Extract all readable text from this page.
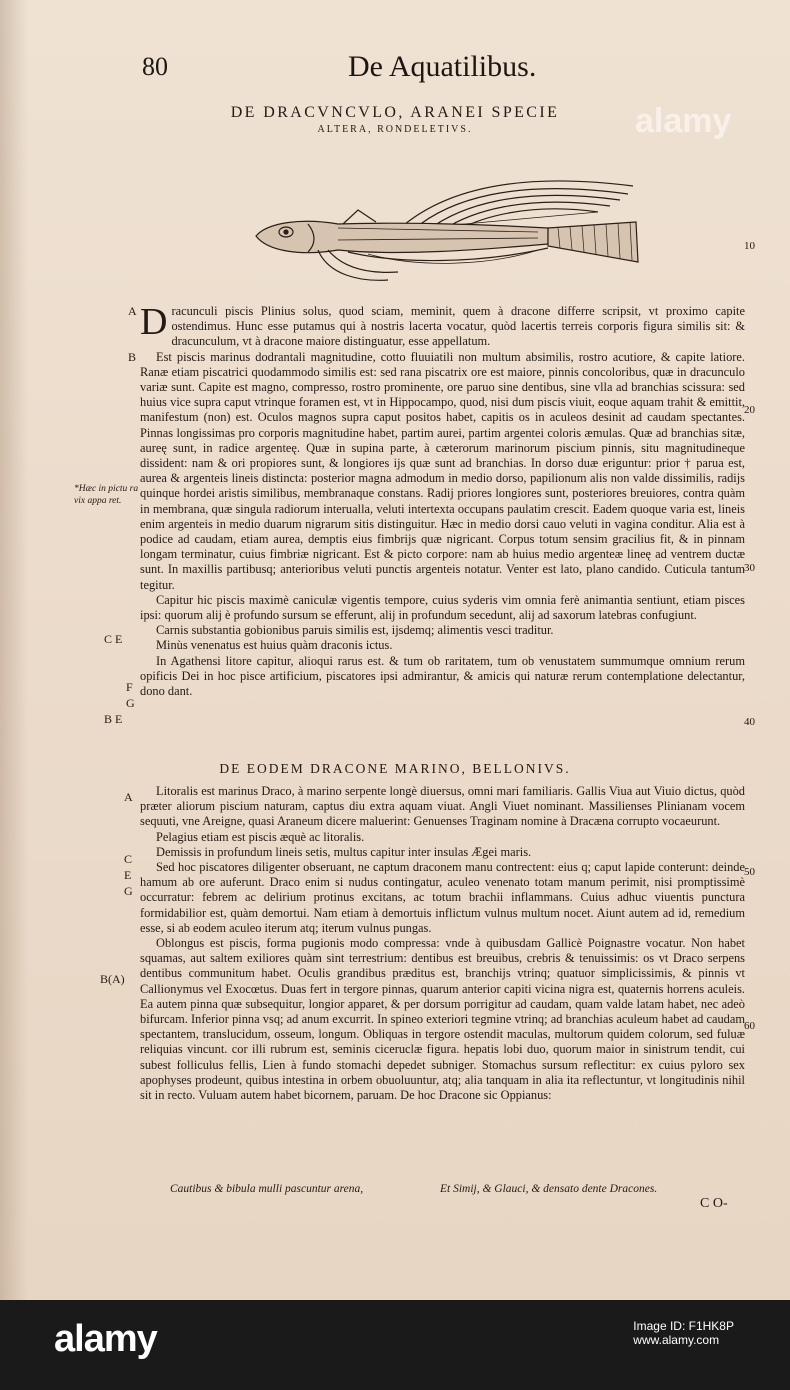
80	De Aquatilibus.
DE DRACVNCVLO, ARANEI SPECIE
ALTERA, RONDELETIVS.
10
20
30
40
50
60
*Hæc in pictu ra vix appa ret.
A
B
C E
F
G
B E

Dracunculi piscis Plinius solus, quod sciam, meminit, quem à dracone differre scripsit, vt proximo capite ostendimus. Hunc esse putamus qui à nostris lacerta vocatur, quòd lacertis terreis corporis figura similis sit: & dracunculum, vt à dracone maiore distinguatur, esse appellatum.

Est piscis marinus dodrantali magnitudine, cotto fluuiatili non multum absimilis, rostro acutiore, & capite latiore. Ranæ etiam piscatrici quodammodo similis est: sed rana piscatrix ore est maiore, pinnis concoloribus, quæ in dracunculo variæ sunt. Capite est magno, compresso, rostro prominente, ore paruo sine dentibus, sine vlla ad branchias scissura: sed huius vice supra caput vtrinque foramen est, vt in Hippocampo, quod, nisi dum piscis viuit, eoque aquam trahit & emittit, manifestum (non) est. Oculos magnos supra caput positos habet, capitis os in aculeos desinit ad caudam spectantes. Pinnas longissimas pro corporis magnitudine habet, partim aurei, partim argentei coloris æmulas. Quæ ad branchias sitæ, aureę sunt, in radice argenteę. Quæ in supina parte, à cæterorum marinorum piscium pinnis, situ magnitudineque dissident: nam & ori propiores sunt, & longiores ijs quæ sunt ad branchias. In dorso duæ eriguntur: prior † parua est, aurea & argenteis lineis distincta: posterior magna admodum in medio dorso, papilionum alis non valde dissimilis, radijs quinque hordei aristis similibus, membranaque constans. Radij priores longiores sunt, posteriores breuiores, contra quàm in membrana, quæ singula radiorum interualla, veluti intertexta occupans paulatim crescit. Eadem quoque varia est, lineis enim argenteis in medio duarum nigrarum sitis distinguitur. Hæc in medio dorsi cauo veluti in vagina conditur. Alia est à podice ad caudam, etiam aurea, demptis eius fimbrijs quæ nigricant. Corpus totum sensim gracilius fit, & in pinnam longam terminatur, cuius fimbriæ nigricant. Est & picto corpore: nam ab huius medio argenteæ lineę ad ventrem ductæ sunt. In maxillis partibusq; anterioribus veluti punctis argenteis notatur. Venter est lato, plano candido. Cuticula tantum tegitur.

Capitur hic piscis maximè caniculæ vigentis tempore, cuius syderis vim omnia ferè animantia sentiunt, etiam pisces ipsi: quorum alij è profundo sursum se efferunt, alij in profundum secedunt, alij ad saxorum latebras confugiunt.

Carnis substantia gobionibus paruis similis est, ijsdemq; alimentis vesci traditur.

Minùs venenatus est huius quàm draconis ictus.

In Agathensi litore capitur, alioqui rarus est. & tum ob raritatem, tum ob venustatem summumque omnium rerum opificis Dei in hoc pisce artificium, piscatores ipsi admirantur, & amicis qui naturæ rerum contemplatione delectantur, dono dant.

DE EODEM DRACONE MARINO, BELLONIVS.
A
C
E
G
B(A)

Litoralis est marinus Draco, à marino serpente longè diuersus, omni mari familiaris. Gallis Viua aut Viuio dictus, quòd præter aliorum piscium naturam, captus diu extra aquam viuat. Angli Viuet nominant. Massilienses Plinianam vocem sequuti, vne Areigne, quasi Araneum dicere maluerint: Genuenses Traginam nomine à Dracæna corrupto vocaeurunt.

Pelagius etiam est piscis æquè ac litoralis.

Demissis in profundum lineis setis, multus capitur inter insulas Ægei maris.

Sed hoc piscatores diligenter obseruant, ne captum draconem manu contrectent: eius q; caput lapide conterunt: deinde hamum ab ore auferunt. Draco enim si nudus contingatur, aculeo venenato totam manum perimit, nisi promptissimè occurratur: febrem ac delirium protinus excitans, ac totum brachii inflammans. Cuius adhuc viuentis punctura formidabilior est, quàm demortui. Nam etiam à demortuis inflictum vulnus multum nocet. Aiunt autem ad id, remedium esse, si ab eodem aculeo iterum atq; iterum vulnus pungas.

Oblongus est piscis, forma pugionis modo compressa: vnde à quibusdam Gallicè Poignastre vocatur. Non habet squamas, aut saltem exiliores quàm sint terrestrium: dentibus est breuibus, crebris & tenuissimis: os vt Draco serpens dentibus communitum habet. Oculis grandibus præditus est, branchijs vtrinq; quatuor simplicissimis, & pinnis vt Callionymus vel Exocœtus. Duas fert in tergore pinnas, quarum anterior capiti vicina nigra est, quaternis horrens aculeis. Ea autem pinna quæ subsequitur, longior apparet, & per dorsum porrigitur ad caudam, quam valde latam habet, nec adeò bifurcam. Inferior pinna vsq; ad anum excurrit. In spineo exteriori tegmine vtrinq; ad branchias aculeum habet ad caudam spectantem, translucidum, osseum, longum. Obliquas in tergore ostendit maculas, multorum quidem colorum, sed fuluæ reliquias vincunt. cor illi rubrum est, seminis ciceruclæ figura. hepatis lobi duo, quorum maior in sinistrum tendit, cui subest folliculus fellis, Lien à fundo stomachi depedet subniger. Stomachus sursum reflectitur: ex cuius pyloro sex apophyses prodeunt, quibus intestina in orbem obuoluuntur, atq; alia tanquam in alia ita reflectuntur, vt longitudinis nihil sit in recto. Vuluam autem habet bicornem, paruam. De hoc Dracone sic Oppianus:

Cautibus & bibula mulli pascuntur arena,	Et Simij, & Glauci, & densato dente Dracones.
C O-
alamy
alamy	Image ID: F1HK8P
www.alamy.com
